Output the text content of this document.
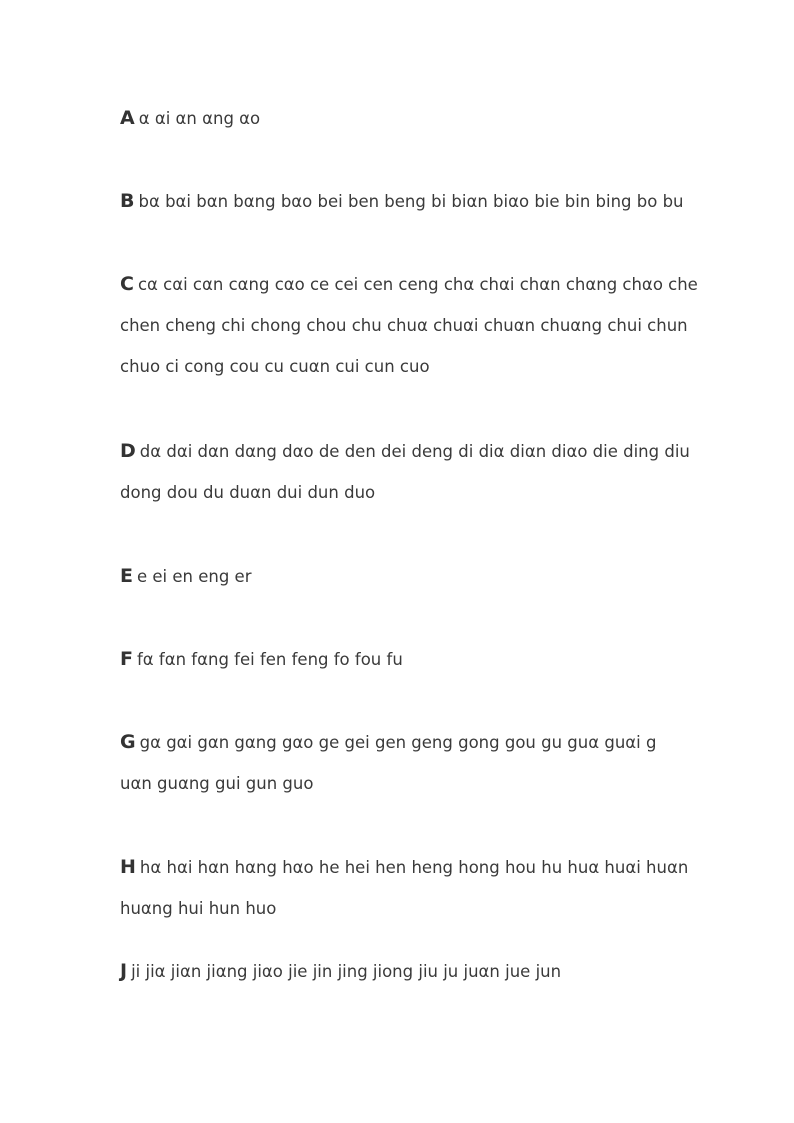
A α αi αn αng αo
B bα bαi bαn bαng bαo bei ben beng bi biαn biαo bie bin bing bo bu
C cα cαi cαn cαng cαo ce cei cen ceng chα chαi chαn chαng chαo che
chen cheng chi chong chou chu chuα chuαi chuαn chuαng chui chun
chuo ci cong cou cu cuαn cui cun cuo
D dα dαi dαn dαng dαo de den dei deng di diα diαn diαo die ding diu
dong dou du duαn dui dun duo
E e ei en eng er
F fα fαn fαng fei fen feng fo fou fu
G gα gαi gαn gαng gαo ge gei gen geng gong gou gu guα guαi g
uαn guαng gui gun guo
H hα hαi hαn hαng hαo he hei hen heng hong hou hu huα huαi huαn
huαng hui hun huo
J ji jiα jiαn jiαng jiαo jie jin jing jiong jiu ju juαn jue jun
